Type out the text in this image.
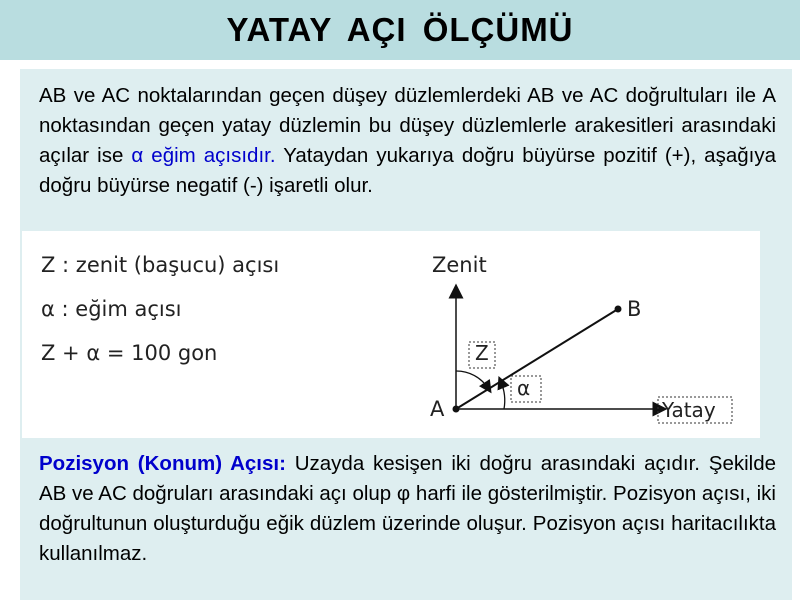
YATAY AÇI ÖLÇÜMÜ
AB ve AC noktalarından geçen düşey düzlemlerdeki AB ve AC doğrultuları ile A noktasından geçen yatay düzlemin bu düşey düzlemlerle arakesitleri arasındaki açılar ise α eğim açısıdır. Yataydan yukarıya doğru büyürse pozitif (+), aşağıya doğru büyürse negatif (-) işaretli olur.
Pozisyon (Konum) Açısı: Uzayda kesişen iki doğru arasındaki açıdır. Şekilde AB ve AC doğruları arasındaki açı olup φ harfi ile gösterilmiştir. Pozisyon açısı, iki doğrultunun oluşturduğu eğik düzlem üzerinde oluşur. Pozisyon açısı haritacılıkta kullanılmaz.
Z : zenit (başucu) açısı
α : eğim açısı
Z + α = 100 gon
Zenit
B
A
Z
α
Yatay
